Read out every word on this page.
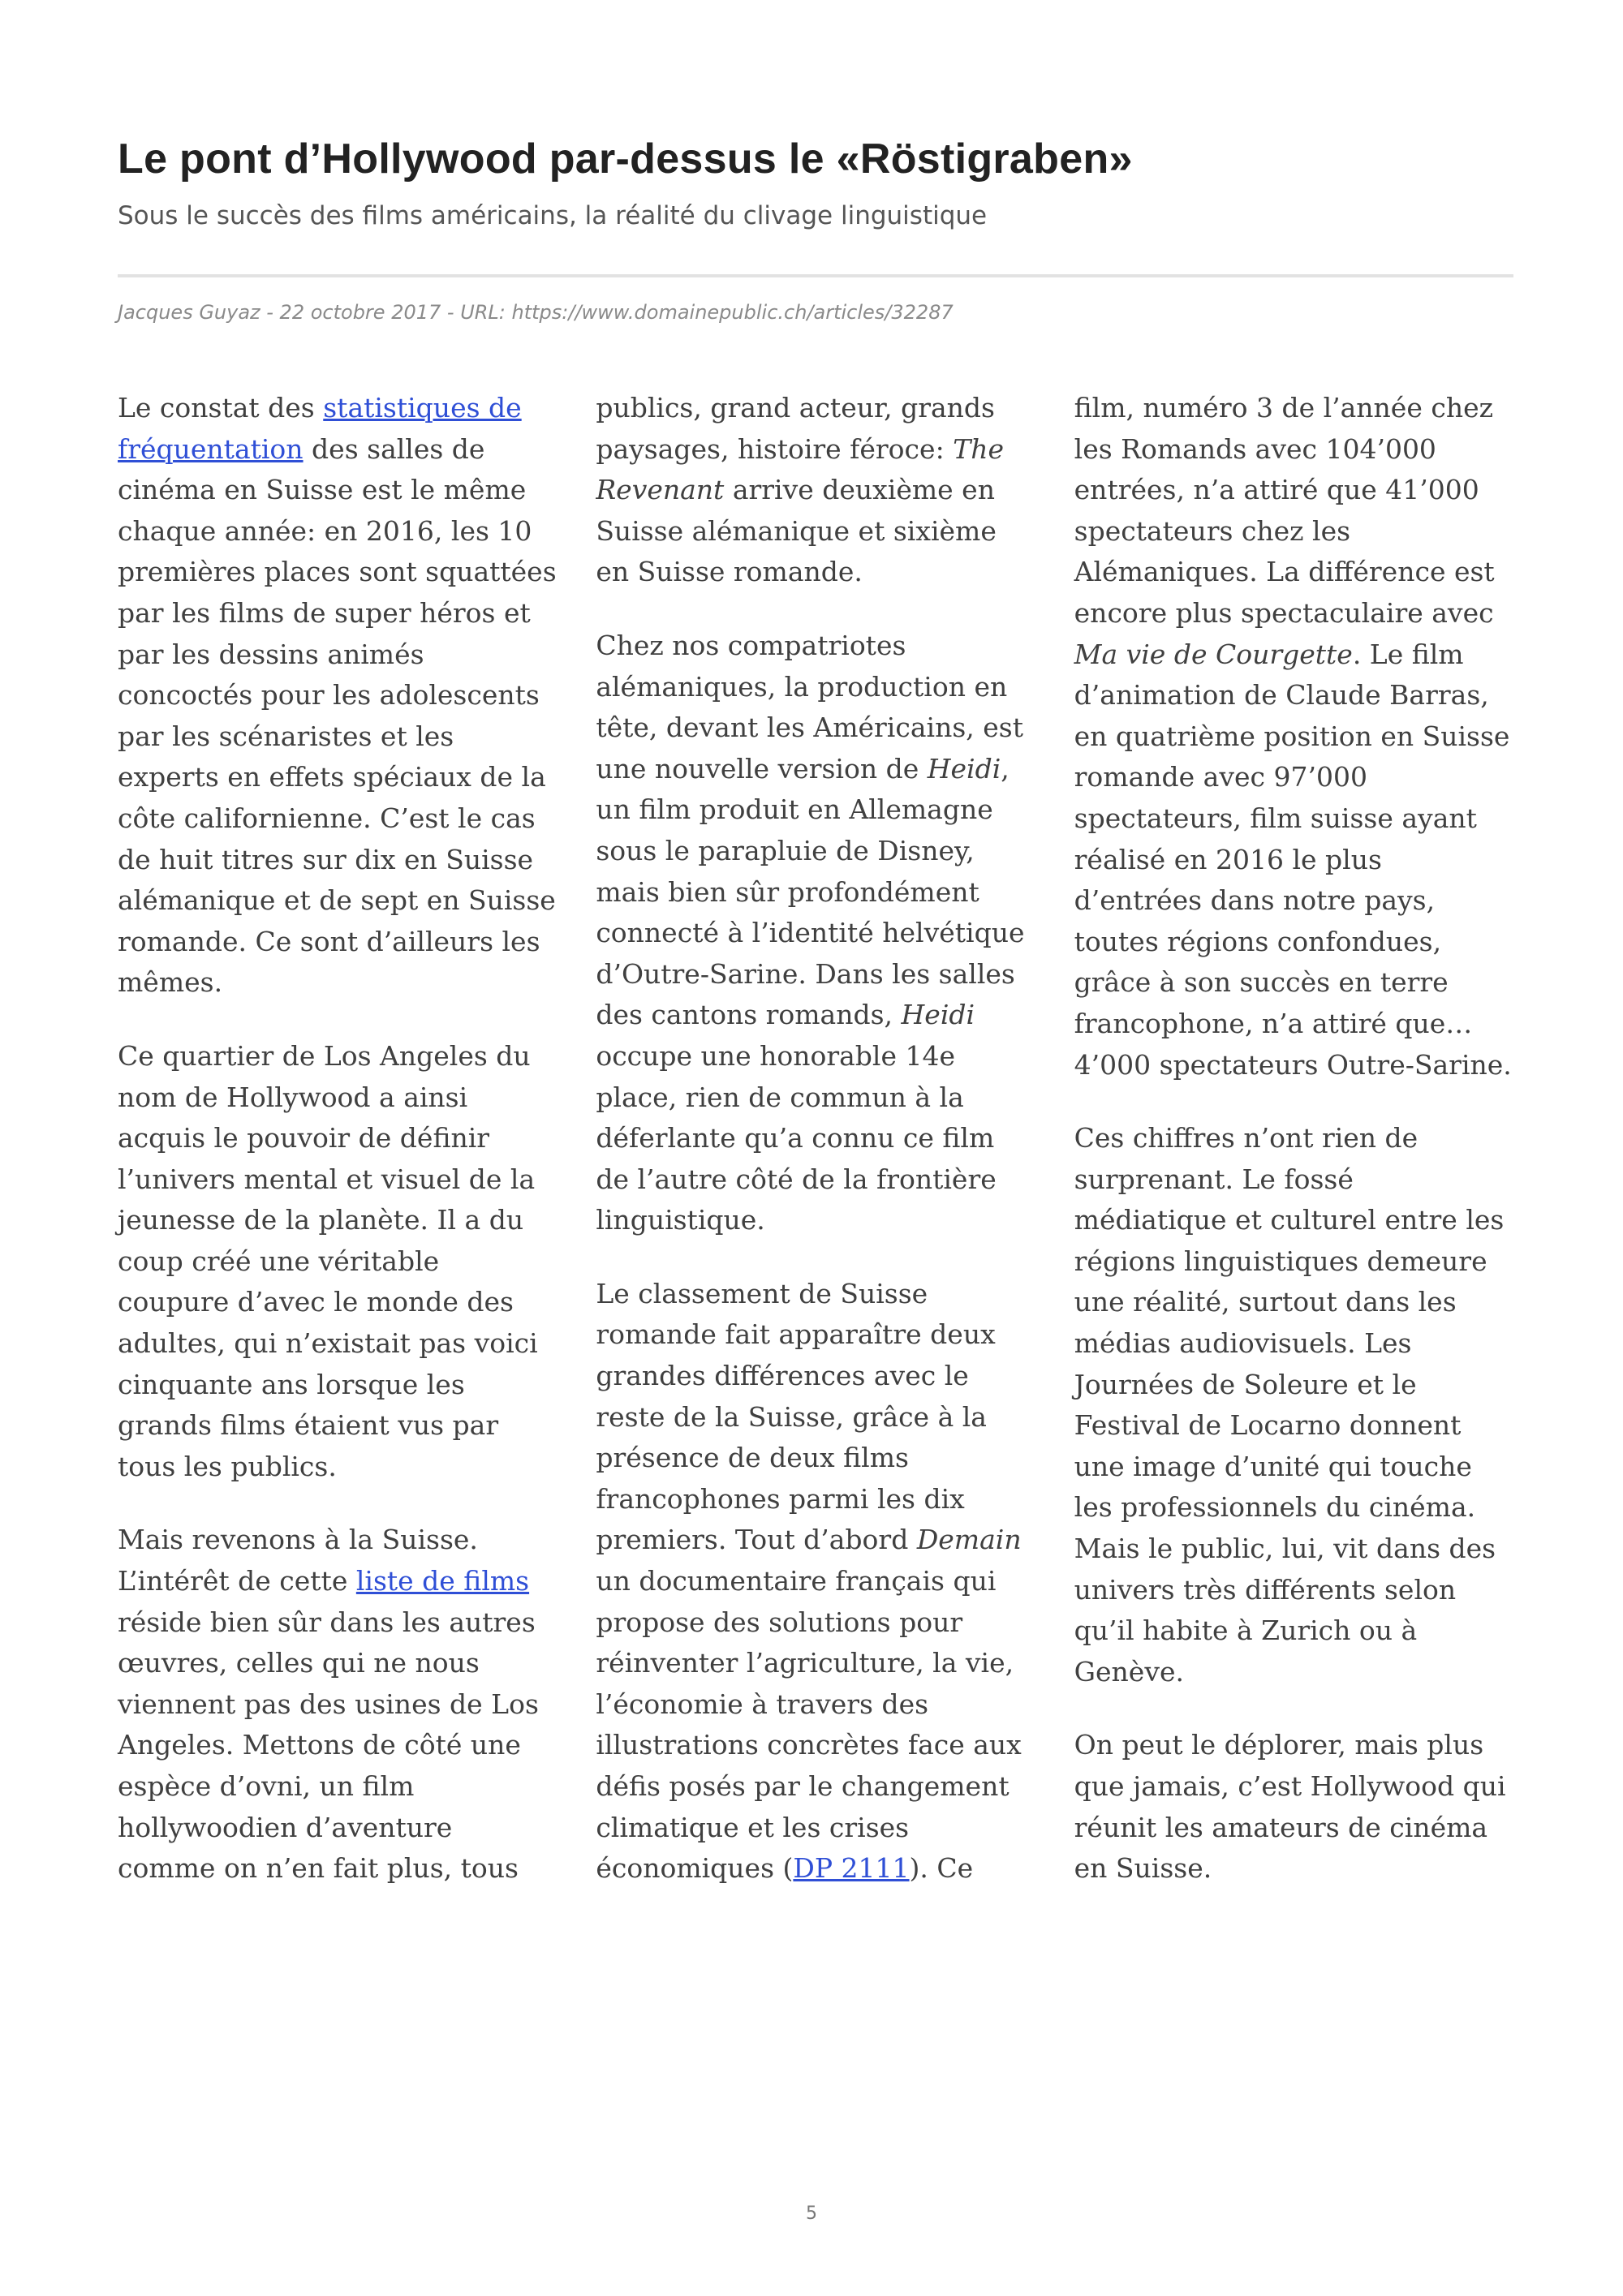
Le pont d’Hollywood par-dessus le «Röstigraben»
Sous le succès des films américains, la réalité du clivage linguistique
Jacques Guyaz - 22 octobre 2017 - URL: https://www.domainepublic.ch/articles/32287

Le constat des statistiques de fréquentation des salles de cinéma en Suisse est le même chaque année: en 2016, les 10 premières places sont squattées par les films de super héros et par les dessins animés concoctés pour les adolescents par les scénaristes et les experts en effets spéciaux de la côte californienne. C’est le cas de huit titres sur dix en Suisse alémanique et de sept en Suisse romande. Ce sont d’ailleurs les mêmes.

Ce quartier de Los Angeles du nom de Hollywood a ainsi acquis le pouvoir de définir l’univers mental et visuel de la jeunesse de la planète. Il a du coup créé une véritable coupure d’avec le monde des adultes, qui n’existait pas voici cinquante ans lorsque les grands films étaient vus par tous les publics.

Mais revenons à la Suisse. L’intérêt de cette liste de films réside bien sûr dans les autres œuvres, celles qui ne nous viennent pas des usines de Los Angeles. Mettons de côté une espèce d’ovni, un film hollywoodien d’aventure comme on n’en fait plus, tous publics, grand acteur, grands paysages, histoire féroce: The Revenant arrive deuxième en Suisse alémanique et sixième en Suisse romande.

Chez nos compatriotes alémaniques, la production en tête, devant les Américains, est une nouvelle version de Heidi, un film produit en Allemagne sous le parapluie de Disney, mais bien sûr profondément connecté à l’identité helvétique d’Outre-Sarine. Dans les salles des cantons romands, Heidi occupe une honorable 14e place, rien de commun à la déferlante qu’a connu ce film de l’autre côté de la frontière linguistique.

Le classement de Suisse romande fait apparaître deux grandes différences avec le reste de la Suisse, grâce à la présence de deux films francophones parmi les dix premiers. Tout d’abord Demain un documentaire français qui propose des solutions pour réinventer l’agriculture, la vie, l’économie à travers des illustrations concrètes face aux défis posés par le changement climatique et les crises économiques (DP 2111). Ce film, numéro 3 de l’année chez les Romands avec 104’000 entrées, n’a attiré que 41’000 spectateurs chez les Alémaniques. La différence est encore plus spectaculaire avec Ma vie de Courgette. Le film d’animation de Claude Barras, en quatrième position en Suisse romande avec 97’000 spectateurs, film suisse ayant réalisé en 2016 le plus d’entrées dans notre pays, toutes régions confondues, grâce à son succès en terre francophone, n’a attiré que… 4’000 spectateurs Outre-Sarine.

Ces chiffres n’ont rien de surprenant. Le fossé médiatique et culturel entre les régions linguistiques demeure une réalité, surtout dans les médias audiovisuels. Les Journées de Soleure et le Festival de Locarno donnent une image d’unité qui touche les professionnels du cinéma. Mais le public, lui, vit dans des univers très différents selon qu’il habite à Zurich ou à Genève.

On peut le déplorer, mais plus que jamais, c’est Hollywood qui réunit les amateurs de cinéma en Suisse.

5
